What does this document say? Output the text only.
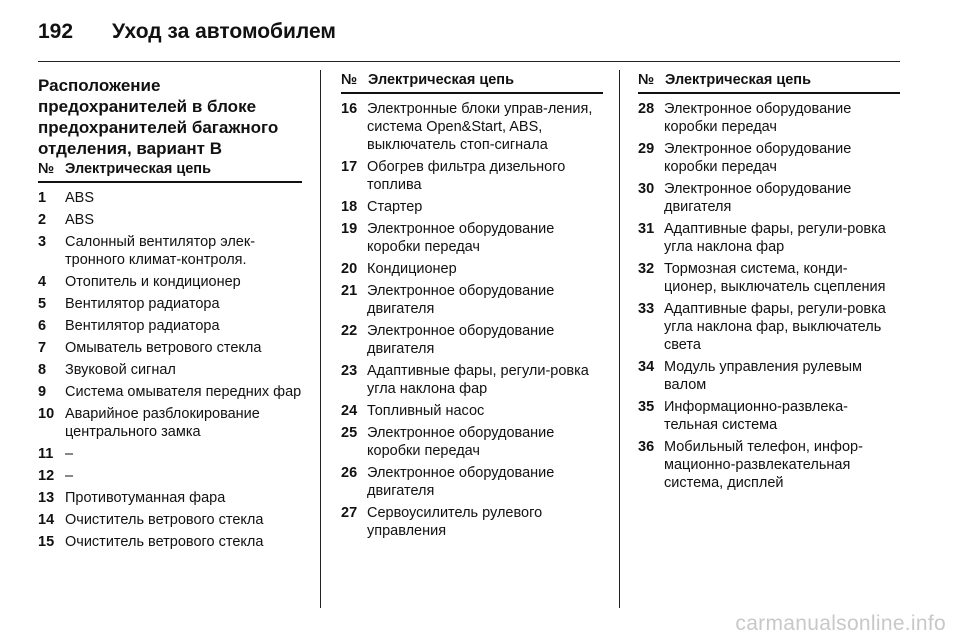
192	Уход за автомобилем
Расположение предохранителей в блоке предохранителей багажного отделения, вариант B
№ Электрическая цепь
1	ABS
2	ABS
3	Салонный вентилятор элек-тронного климат-контроля.
4	Отопитель и кондиционер
5	Вентилятор радиатора
6	Вентилятор радиатора
7	Омыватель ветрового стекла
8	Звуковой сигнал
9	Система омывателя передних фар
10 Аварийное разблокирование центрального замка
11 –
12 –
13 Противотуманная фара
14 Очиститель ветрового стекла
15 Очиститель ветрового стекла
№ Электрическая цепь
16 Электронные блоки управ-ления, система Open&Start, ABS, выключатель стоп-сигнала
17 Обогрев фильтра дизельного топлива
18 Стартер
19 Электронное оборудование коробки передач
20 Кондиционер
21 Электронное оборудование двигателя
22 Электронное оборудование двигателя
23 Адаптивные фары, регули-ровка угла наклона фар
24 Топливный насос
25 Электронное оборудование коробки передач
26 Электронное оборудование двигателя
27 Сервоусилитель рулевого управления
№ Электрическая цепь
28 Электронное оборудование коробки передач
29 Электронное оборудование коробки передач
30 Электронное оборудование двигателя
31 Адаптивные фары, регули-ровка угла наклона фар
32 Тормозная система, конди-ционер, выключатель сцепления
33 Адаптивные фары, регули-ровка угла наклона фар, выключатель света
34 Модуль управления рулевым валом
35 Информационно-развлека-тельная система
36 Мобильный телефон, инфор-мационно-развлекательная система, дисплей
carmanualsonline.info
